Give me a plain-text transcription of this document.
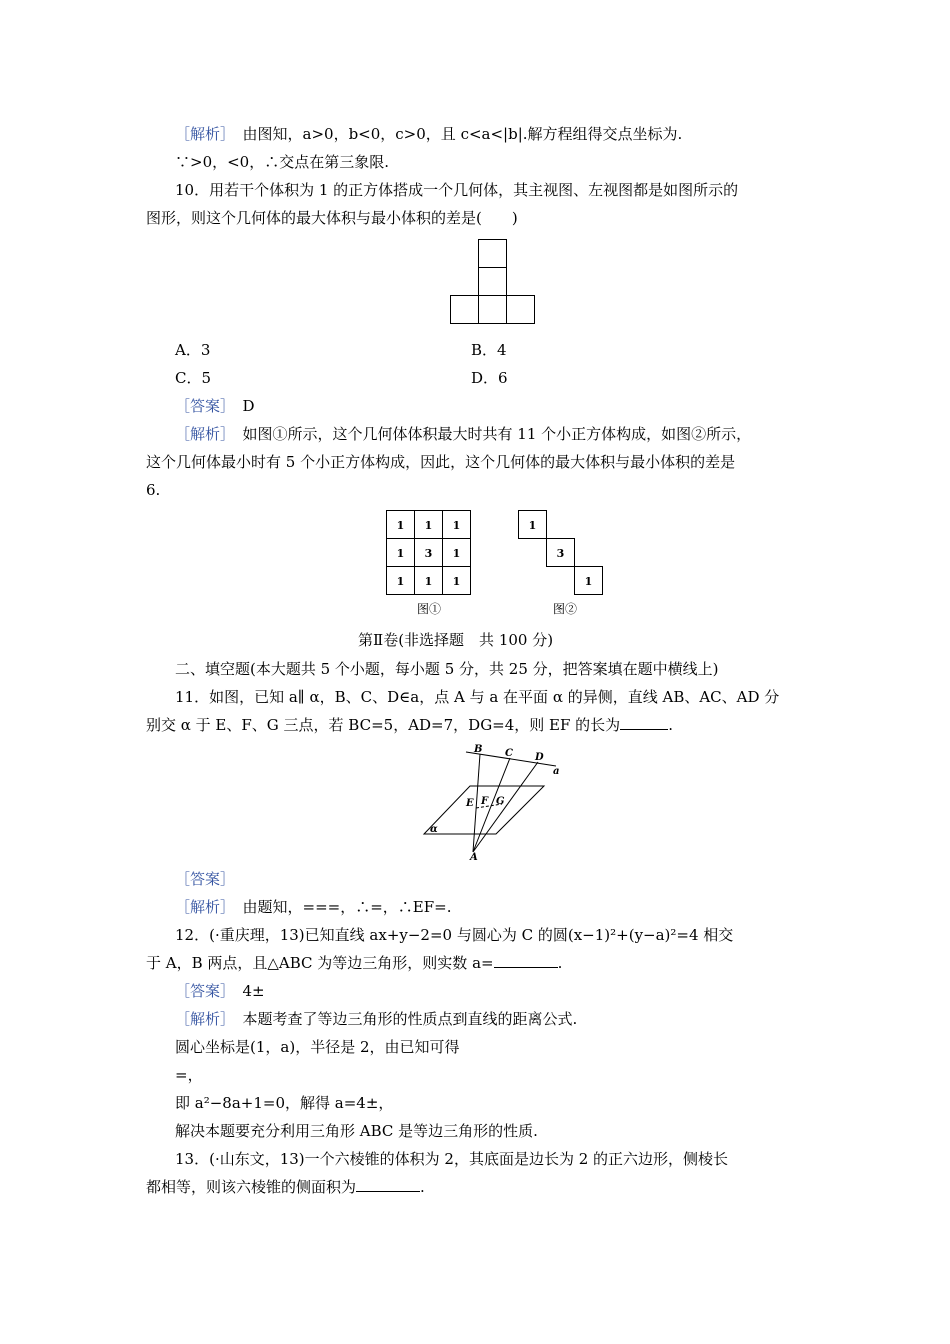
［解析］　由图知，a>0，b<0，c>0，且 c<a<|b|.解方程组得交点坐标为.
∵>0，<0，∴交点在第三象限.
10．用若干个体积为 1 的正方体搭成一个几何体，其主视图、左视图都是如图所示的
图形，则这个几何体的最大体积与最小体积的差是(　　)
A．3	B．4
C．5	D．6
［答案］　D
［解析］　如图①所示，这个几何体体积最大时共有 11 个小正方体构成，如图②所示，
这个几何体最小时有 5 个小正方体构成，因此，这个几何体的最大体积与最小体积的差是
6.
1 1 1
1 3 1
1 1 1
1
3
1
图①	图②
第Ⅱ卷(非选择题　共 100 分)
二、填空题(本大题共 5 个小题，每小题 5 分，共 25 分，把答案填在题中横线上)
11．如图，已知 a∥ α，B、C、D∈a，点 A 与 a 在平面 α 的异侧，直线 AB、AC、AD 分
别交 α 于 E、F、G 三点，若 BC=5，AD=7，DG=4，则 EF 的长为	.
B C D
a
E F G
α
A
［答案］
［解析］　由题知，===，∴=，∴EF=.
12．(·重庆理，13)已知直线 ax+y−2=0 与圆心为 C 的圆(x−1)²+(y−a)²=4 相交
于 A，B 两点，且△ABC 为等边三角形，则实数 a=	.
［答案］　4±
［解析］　本题考查了等边三角形的性质点到直线的距离公式.
圆心坐标是(1，a)，半径是 2，由已知可得
=，
即 a²−8a+1=0，解得 a=4±，
解决本题要充分利用三角形 ABC 是等边三角形的性质.
13．(·山东文，13)一个六棱锥的体积为 2，其底面是边长为 2 的正六边形，侧棱长
都相等，则该六棱锥的侧面积为	.
